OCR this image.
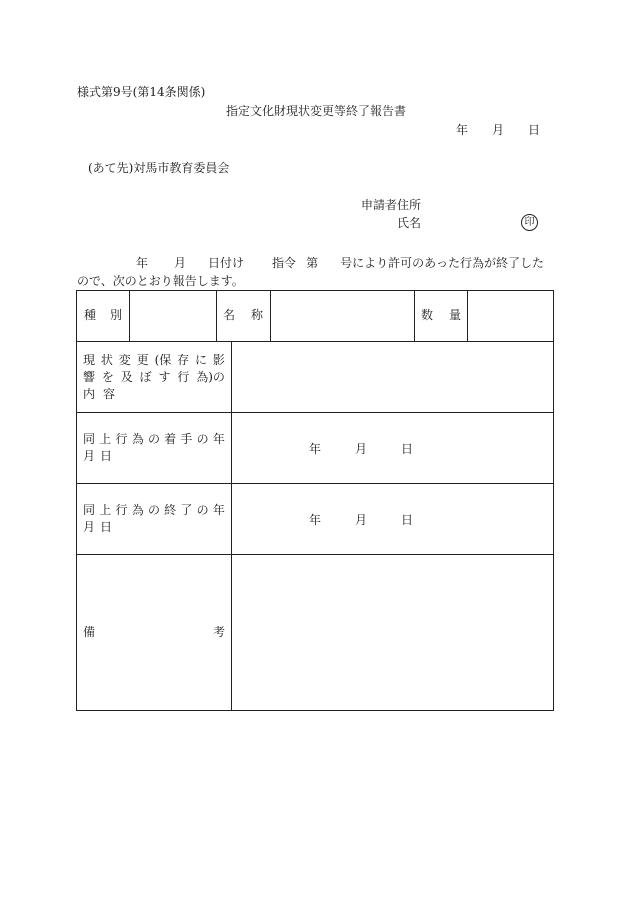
様式第9号(第14条関係)
指定文化財現状変更等終了報告書
年 月 日
(あて先)対馬市教育委員会
申請者住所
氏名	印
年 月 日付け 指令 第 号により許可のあった行為が終了した
ので、次のとおり報告します。
種 別	名 称	数 量
現 状 変 更 (保 存 に 影
響 を 及 ぼ す 行 為)の
内 容
同 上 行 為 の 着 手 の 年
月 日	年	月	日
同 上 行 為 の 終 了 の 年
月 日	年	月	日
備	考
